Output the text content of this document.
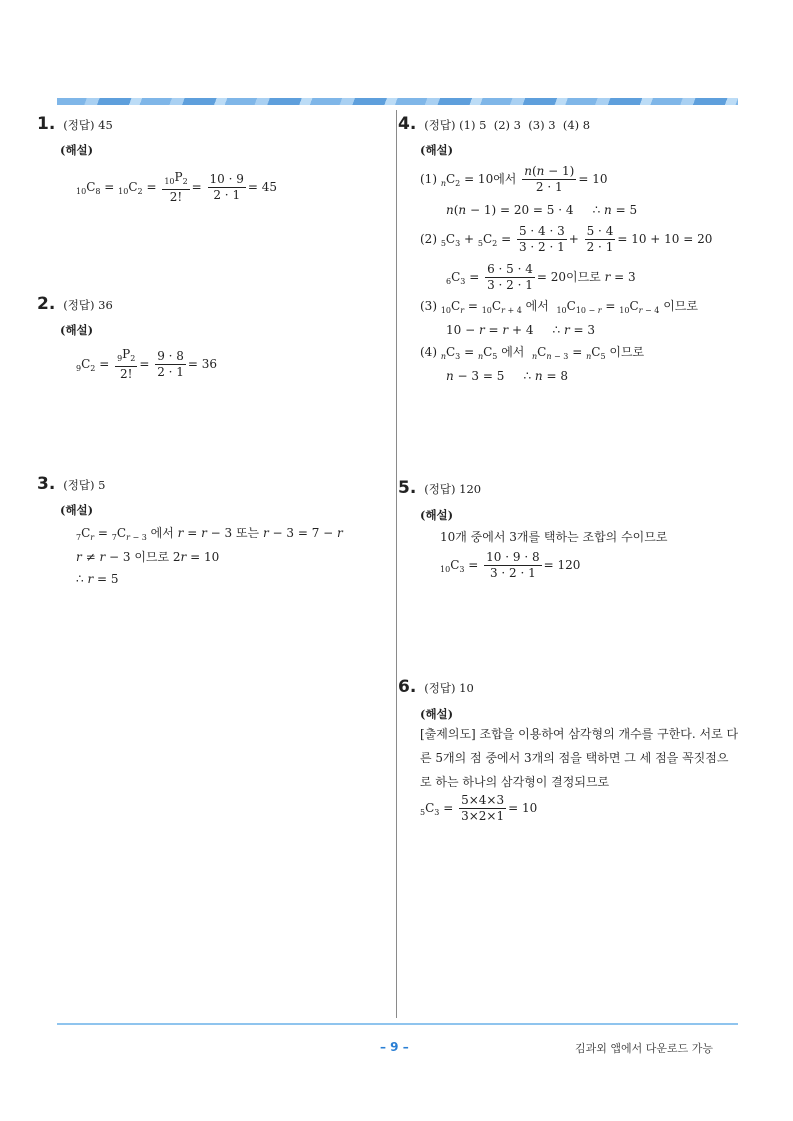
1. (정답) 45
(해설)
$_{10}C_8 = _{10}C_2 = \frac{_{10}P_2}{2!} = \frac{10 \cdot 9}{2 \cdot 1} = 45$
2. (정답) 36
(해설)
$_9C_2 = \frac{_9P_2}{2!} = \frac{9 \cdot 8}{2 \cdot 1} = 36$
3. (정답) 5
(해설)
$_7C_r = _7C_{r - 3}$ 에서 r = r − 3 또는 r − 3 = 7 − r
r ≠ r − 3 이므로 2r = 10
∴ r = 5
4. (정답) (1) 5  (2) 3  (3) 3  (4) 8
(해설)
(1) $_nC_2 = 10$에서 $\frac{n(n - 1)}{2 \cdot 1} = 10$
n(n − 1) = 20 = 5 · 4     ∴ n = 5
(2) $_5C_3 + _5C_2 = \frac{5 \cdot 4 \cdot 3}{3 \cdot 2 \cdot 1} + \frac{5 \cdot 4}{2 \cdot 1} = 10 + 10 = 20$
$_6C_3 = \frac{6 \cdot 5 \cdot 4}{3 \cdot 2 \cdot 1} = 20$이므로 r = 3
(3) $_{10}C_r = _{10}C_{r + 4}$ 에서  $_{10}C_{10 - r} = _{10}C_{r - 4}$ 이므로
10 − r = r + 4     ∴ r = 3
(4) $_nC_3 = _nC_5$ 에서  $_nC_{n - 3} = _nC_5$ 이므로
n − 3 = 5     ∴ n = 8
5. (정답) 120
(해설)
10개 중에서 3개를 택하는 조합의 수이므로
$_{10}C_3 = \frac{10 \cdot 9 \cdot 8}{3 \cdot 2 \cdot 1} = 120$
6. (정답) 10
(해설)
[출제의도] 조합을 이용하여 삼각형의 개수를 구한다. 서로 다른 5개의 점 중에서 3개의 점을 택하면 그 세 점을 꼭짓점으로 하는 하나의 삼각형이 결정되므로
$_5C_3 = \frac{5\times 4\times 3}{3\times 2\times 1} = 10$
– 9 –	김과외 앱에서 다운로드 가능
